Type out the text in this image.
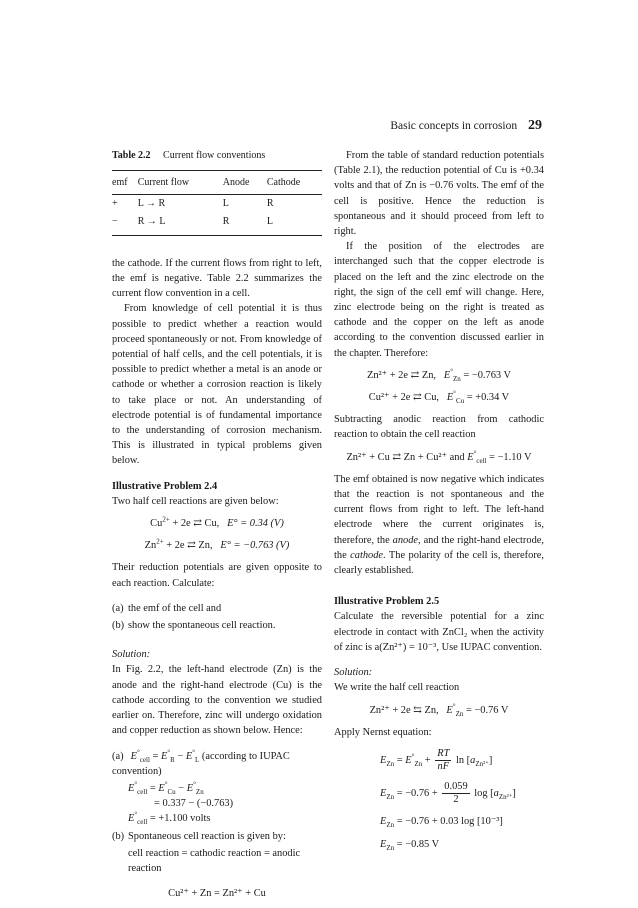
Basic concepts in corrosion 29
Table 2.2 Current flow conventions
emf	Current flow	Anode	Cathode
+	L → R	L	R
−	R → L	R	L

the cathode. If the current flows from right to left, the emf is negative. Table 2.2 summarizes the current flow convention in a cell.

From knowledge of cell potential it is thus possible to predict whether a reaction would proceed spontaneously or not. From knowledge of potential of half cells, and the cell potentials, it is possible to predict whether a metal is an anode or cathode or whether a corrosion reaction is likely to take place or not. An understanding of electrode potential is of fundamental importance to the understanding of corrosion mechanism. This is illustrated in typical problems given below.

Illustrative Problem 2.4

Two half cell reactions are given below:

$Cu^{2+} + 2e$ ⇄ Cu, E° = 0.34 (V)
$Zn^{2+} + 2e$ ⇄ Zn, E° = −0.763 (V)

Their reduction potentials are given opposite to each reaction. Calculate:

(a) the emf of the cell and
(b) show the spontaneous cell reaction.

Solution:

In Fig. 2.2, the left-hand electrode (Zn) is the anode and the right-hand electrode (Cu) is the cathode according to the convention we studied earlier on. Therefore, zinc will undergo oxidation and copper reduction as shown below. Hence:

(a) $E^\circ_{cell} = E^\circ_R - E^\circ_L$ (according to IUPAC convention)
$E^\circ_{cell} = E^\circ_{Cu} - E^\circ_{Zn}$
= 0.337 − (−0.763)
$E^\circ_{cell} = +1.100$ volts
(b) Spontaneous cell reaction is given by:
cell reaction = cathodic reaction = anodic reaction
Cu²⁺ + Zn = Zn²⁺ + Cu

From the table of standard reduction potentials (Table 2.1), the reduction potential of Cu is +0.34 volts and that of Zn is −0.76 volts. The emf of the cell is positive. Hence the reduction is spontaneous and it should proceed from left to right.

If the position of the electrodes are interchanged such that the copper electrode is placed on the left and the zinc electrode on the right, the sign of the cell emf will change. Here, zinc electrode being on the right is treated as cathode and the copper on the left as anode according to the convention discussed earlier in the chapter. Therefore:

Zn²⁺ + 2e ⇄ Zn, $E^\circ_{Zn} = -0.763$ V
Cu²⁺ + 2e ⇄ Cu, $E^\circ_{Cu} = +0.34$ V

Subtracting anodic reaction from cathodic reaction to obtain the cell reaction

Zn²⁺ + Cu ⇄ Zn + Cu²⁺ and $E^\circ_{cell} = -1.10$ V

The emf obtained is now negative which indicates that the reaction is not spontaneous and the current flows from right to left. The left-hand electrode where the current originates is, therefore, the anode, and the right-hand electrode, the cathode. The polarity of the cell is, therefore, clearly established.

Illustrative Problem 2.5

Calculate the reversible potential for a zinc electrode in contact with ZnCl₂ when the activity of zinc is a(Zn²⁺) = 10⁻³, Use IUPAC convention.

Solution:

We write the half cell reaction

Zn²⁺ + 2e ⇆ Zn, $E^\circ_{Zn} = -0.76$ V

Apply Nernst equation:

$E_{Zn} = E^\circ_{Zn} + \frac{RT}{nF}$ $\ln [a_{Zn^{2+}}]$
$E_{Zn} = -0.76 + \frac{0.059}{2}$ $\log [a_{Zn^{2+}}]$
$E_{Zn} = -0.76 + 0.03$ log [10⁻³]
$E_{Zn} = -0.85$ V
